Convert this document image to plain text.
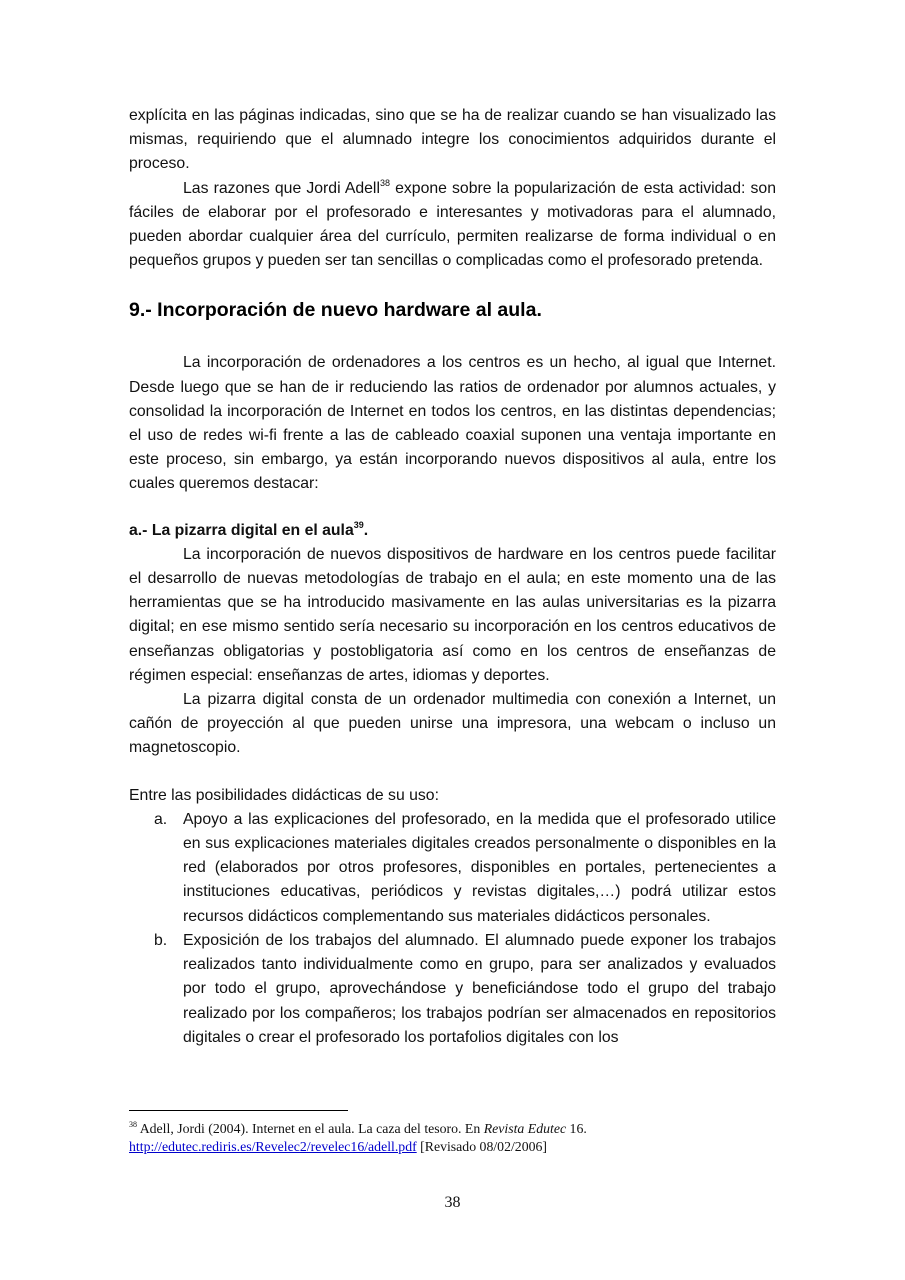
explícita en las páginas indicadas, sino que se ha de realizar cuando se han visualizado las mismas, requiriendo que el alumnado integre los conocimientos adquiridos durante el proceso.

Las razones que Jordi Adell$^{38}$ expone sobre la popularización de esta actividad: son fáciles de elaborar por el profesorado e interesantes y motivadoras para el alumnado, pueden abordar cualquier área del currículo, permiten realizarse de forma individual o en pequeños grupos y pueden ser tan sencillas o complicadas como el profesorado pretenda.

9.- Incorporación de nuevo hardware al aula.

La incorporación de ordenadores a los centros es un hecho, al igual que Internet. Desde luego que se han de ir reduciendo las ratios de ordenador por alumnos actuales, y consolidad la incorporación de Internet en todos los centros, en las distintas dependencias; el uso de redes wi-fi frente a las de cableado coaxial suponen una ventaja importante en este proceso, sin embargo, ya están incorporando nuevos dispositivos al aula, entre los cuales queremos destacar:

a.- La pizarra digital en el aula$^{39}$.

La incorporación de nuevos dispositivos de hardware en los centros puede facilitar el desarrollo de nuevas metodologías de trabajo en el aula; en este momento una de las herramientas que se ha introducido masivamente en las aulas universitarias es la pizarra digital; en ese mismo sentido sería necesario su incorporación en los centros educativos de enseñanzas obligatorias y postobligatoria así como en los centros de enseñanzas de régimen especial: enseñanzas de artes, idiomas y deportes.

La pizarra digital consta de un ordenador multimedia con conexión a Internet, un cañón de proyección al que pueden unirse una impresora, una webcam o incluso un magnetoscopio.

Entre las posibilidades didácticas de su uso:

a. Apoyo a las explicaciones del profesorado, en la medida que el profesorado utilice en sus explicaciones materiales digitales creados personalmente o disponibles en la red (elaborados por otros profesores, disponibles en portales, pertenecientes a instituciones educativas, periódicos y revistas digitales,…) podrá utilizar estos recursos didácticos complementando sus materiales didácticos personales.
b. Exposición de los trabajos del alumnado. El alumnado puede exponer los trabajos realizados tanto individualmente como en grupo, para ser analizados y evaluados por todo el grupo, aprovechándose y beneficiándose todo el grupo del trabajo realizado por los compañeros; los trabajos podrían ser almacenados en repositorios digitales o crear el profesorado los portafolios digitales con los
$^{38}$ Adell, Jordi (2004). Internet en el aula. La caza del tesoro. En Revista Edutec 16.
http://edutec.rediris.es/Revelec2/revelec16/adell.pdf [Revisado 08/02/2006]
38
